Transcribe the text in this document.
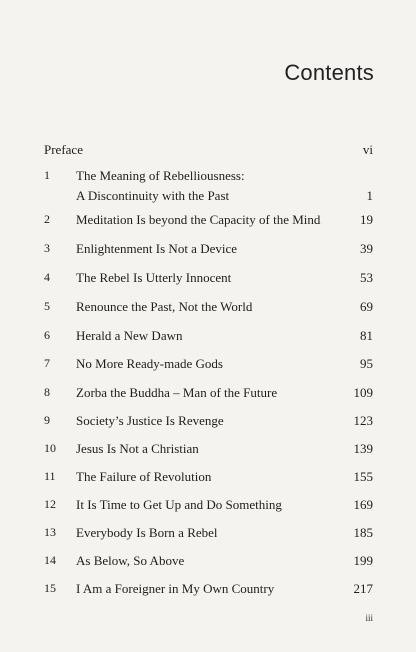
Contents
Preface	vi
1 The Meaning of Rebelliousness:
A Discontinuity with the Past	1
2 Meditation Is beyond the Capacity of the Mind	19
3 Enlightenment Is Not a Device	39
4 The Rebel Is Utterly Innocent	53
5 Renounce the Past, Not the World	69
6 Herald a New Dawn	81
7 No More Ready-made Gods	95
8 Zorba the Buddha – Man of the Future	109
9 Society’s Justice Is Revenge	123
10 Jesus Is Not a Christian	139
11 The Failure of Revolution	155
12 It Is Time to Get Up and Do Something	169
13 Everybody Is Born a Rebel	185
14 As Below, So Above	199
15 I Am a Foreigner in My Own Country	217
iii
